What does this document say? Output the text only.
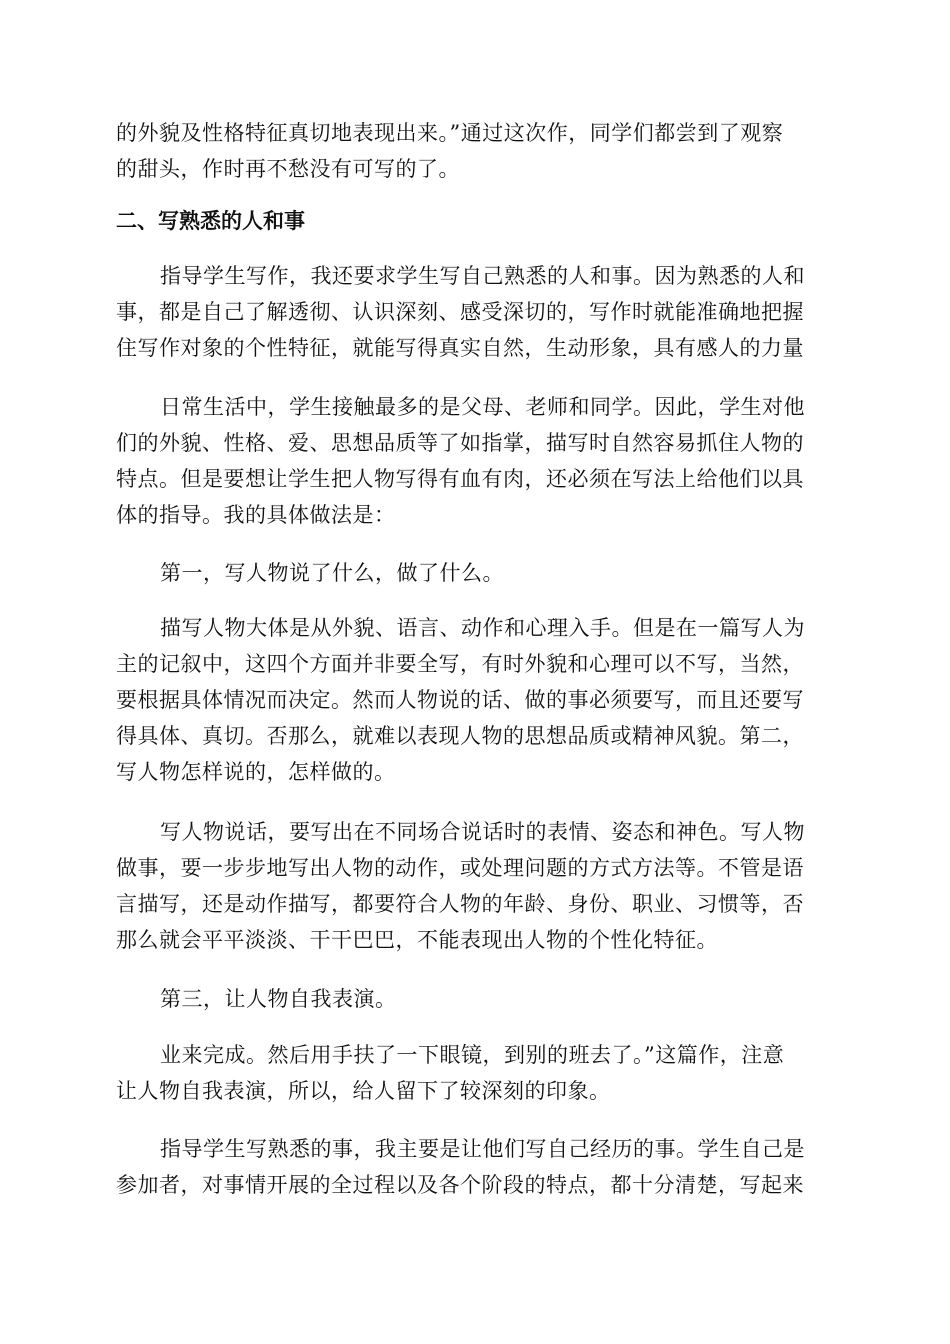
的外貌及性格特征真切地表现出来。”通过这次作，同学们都尝到了观察
的甜头，作时再不愁没有可写的了。

二、写熟悉的人和事

指导学生写作，我还要求学生写自己熟悉的人和事。因为熟悉的人和
事，都是自己了解透彻、认识深刻、感受深切的，写作时就能准确地把握
住写作对象的个性特征，就能写得真实自然，生动形象，具有感人的力量

日常生活中，学生接触最多的是父母、老师和同学。因此，学生对他
们的外貌、性格、爱、思想品质等了如指掌，描写时自然容易抓住人物的
特点。但是要想让学生把人物写得有血有肉，还必须在写法上给他们以具
体的指导。我的具体做法是：

第一，写人物说了什么，做了什么。

描写人物大体是从外貌、语言、动作和心理入手。但是在一篇写人为
主的记叙中，这四个方面并非要全写，有时外貌和心理可以不写，当然，
要根据具体情况而决定。然而人物说的话、做的事必须要写，而且还要写
得具体、真切。否那么，就难以表现人物的思想品质或精神风貌。第二，
写人物怎样说的，怎样做的。

写人物说话，要写出在不同场合说话时的表情、姿态和神色。写人物
做事，要一步步地写出人物的动作，或处理问题的方式方法等。不管是语
言描写，还是动作描写，都要符合人物的年龄、身份、职业、习惯等，否
那么就会平平淡淡、干干巴巴，不能表现出人物的个性化特征。

第三，让人物自我表演。

业来完成。然后用手扶了一下眼镜，到别的班去了。”这篇作，注意
让人物自我表演，所以，给人留下了较深刻的印象。

指导学生写熟悉的事，我主要是让他们写自己经历的事。学生自己是
参加者，对事情开展的全过程以及各个阶段的特点，都十分清楚，写起来
